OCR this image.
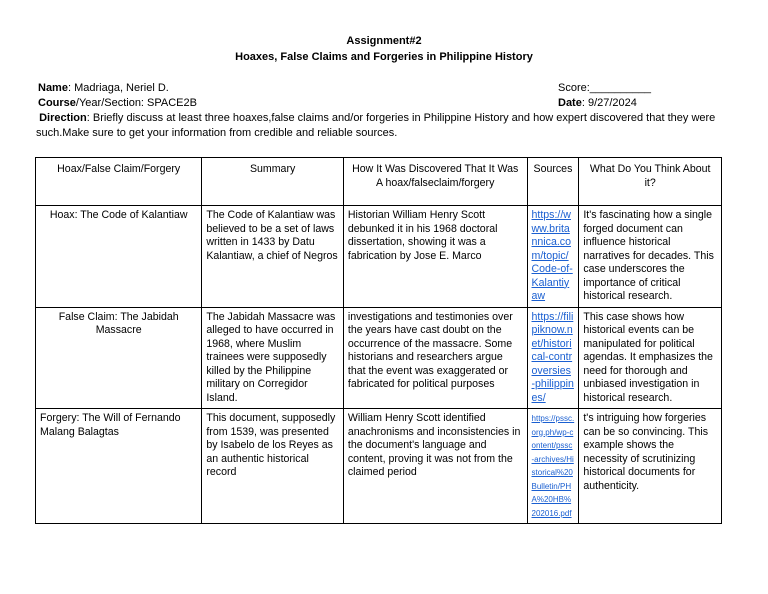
Assignment#2
Hoaxes, False Claims and Forgeries in Philippine History
Name: Madriaga, Neriel D.
Course/Year/Section: SPACE2B
Score:__________
Date: 9/27/2024
Direction: Briefly discuss at least three hoaxes,false claims and/or forgeries in Philippine History and how expert discovered that they were such.Make sure to get your information from credible and reliable sources.
Hoax/False Claim/Forgery	Summary	How It Was Discovered That It Was A hoax/falseclaim/forgery	Sources	What Do You Think About it?
Hoax: The Code of Kalantiaw	The Code of Kalantiaw was believed to be a set of laws written in 1433 by Datu Kalantiaw, a chief of Negros	Historian William Henry Scott debunked it in his 1968 doctoral dissertation, showing it was a fabrication by Jose E. Marco	https://www.britannica.com/topic/Code-of-Kalantiyaw	It's fascinating how a single forged document can influence historical narratives for decades. This case underscores the importance of critical historical research.
False Claim: The Jabidah Massacre	The Jabidah Massacre was alleged to have occurred in 1968, where Muslim trainees were supposedly killed by the Philippine military on Corregidor Island.	investigations and testimonies over the years have cast doubt on the occurrence of the massacre. Some historians and researchers argue that the event was exaggerated or fabricated for political purposes	https://filipiknow.net/historical-controversies-philippines/	This case shows how historical events can be manipulated for political agendas. It emphasizes the need for thorough and unbiased investigation in historical research.
Forgery: The Will of Fernando Malang Balagtas	This document, supposedly from 1539, was presented by Isabelo de los Reyes as an authentic historical record	William Henry Scott identified anachronisms and inconsistencies in the document's language and content, proving it was not from the claimed period	https://pssc.org.ph/wp-content/pssc-archives/Historical%20Bulletin/PHA%20HB%202016.pdf	t's intriguing how forgeries can be so convincing. This example shows the necessity of scrutinizing historical documents for authenticity.
